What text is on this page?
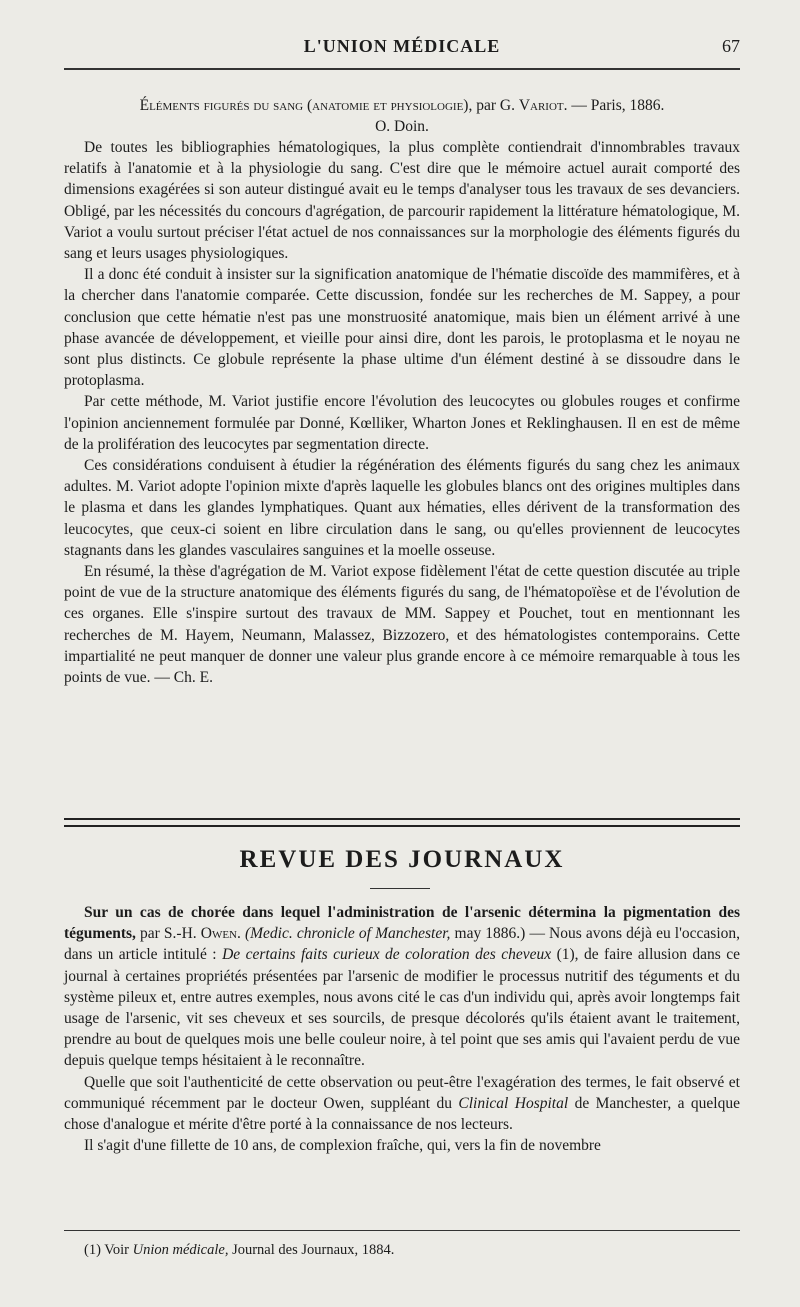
L'UNION MÉDICALE	67
Éléments figurés du sang (anatomie et physiologie), par G. Variot. — Paris, 1886.
O. Doin.

De toutes les bibliographies hématologiques, la plus complète contiendrait d'innombrables travaux relatifs à l'anatomie et à la physiologie du sang. C'est dire que le mémoire actuel aurait comporté des dimensions exagérées si son auteur distingué avait eu le temps d'analyser tous les travaux de ses devanciers. Obligé, par les nécessités du concours d'agrégation, de parcourir rapidement la littérature hématologique, M. Variot a voulu surtout préciser l'état actuel de nos connaissances sur la morphologie des éléments figurés du sang et leurs usages physiologiques.

Il a donc été conduit à insister sur la signification anatomique de l'hématie discoïde des mammifères, et à la chercher dans l'anatomie comparée. Cette discussion, fondée sur les recherches de M. Sappey, a pour conclusion que cette hématie n'est pas une monstruosité anatomique, mais bien un élément arrivé à une phase avancée de développement, et vieille pour ainsi dire, dont les parois, le protoplasma et le noyau ne sont plus distincts. Ce globule représente la phase ultime d'un élément destiné à se dissoudre dans le protoplasma.

Par cette méthode, M. Variot justifie encore l'évolution des leucocytes ou globules rouges et confirme l'opinion anciennement formulée par Donné, Kœlliker, Wharton Jones et Reklinghausen. Il en est de même de la prolifération des leucocytes par segmentation directe.

Ces considérations conduisent à étudier la régénération des éléments figurés du sang chez les animaux adultes. M. Variot adopte l'opinion mixte d'après laquelle les globules blancs ont des origines multiples dans le plasma et dans les glandes lymphatiques. Quant aux hématies, elles dérivent de la transformation des leucocytes, que ceux-ci soient en libre circulation dans le sang, ou qu'elles proviennent de leucocytes stagnants dans les glandes vasculaires sanguines et la moelle osseuse.

En résumé, la thèse d'agrégation de M. Variot expose fidèlement l'état de cette question discutée au triple point de vue de la structure anatomique des éléments figurés du sang, de l'hématopoïèse et de l'évolution de ces organes. Elle s'inspire surtout des travaux de MM. Sappey et Pouchet, tout en mentionnant les recherches de M. Hayem, Neumann, Malassez, Bizzozero, et des hématologistes contemporains. Cette impartialité ne peut manquer de donner une valeur plus grande encore à ce mémoire remarquable à tous les points de vue. — Ch. E.

REVUE DES JOURNAUX

Sur un cas de chorée dans lequel l'administration de l'arsenic détermina la pigmentation des téguments, par S.-H. Owen. (Medic. chronicle of Manchester, may 1886.) — Nous avons déjà eu l'occasion, dans un article intitulé : De certains faits curieux de coloration des cheveux (1), de faire allusion dans ce journal à certaines propriétés présentées par l'arsenic de modifier le processus nutritif des téguments et du système pileux et, entre autres exemples, nous avons cité le cas d'un individu qui, après avoir longtemps fait usage de l'arsenic, vit ses cheveux et ses sourcils, de presque décolorés qu'ils étaient avant le traitement, prendre au bout de quelques mois une belle couleur noire, à tel point que ses amis qui l'avaient perdu de vue depuis quelque temps hésitaient à le reconnaître.

Quelle que soit l'authenticité de cette observation ou peut-être l'exagération des termes, le fait observé et communiqué récemment par le docteur Owen, suppléant du Clinical Hospital de Manchester, a quelque chose d'analogue et mérite d'être porté à la connaissance de nos lecteurs.

Il s'agit d'une fillette de 10 ans, de complexion fraîche, qui, vers la fin de novembre

(1) Voir Union médicale, Journal des Journaux, 1884.
